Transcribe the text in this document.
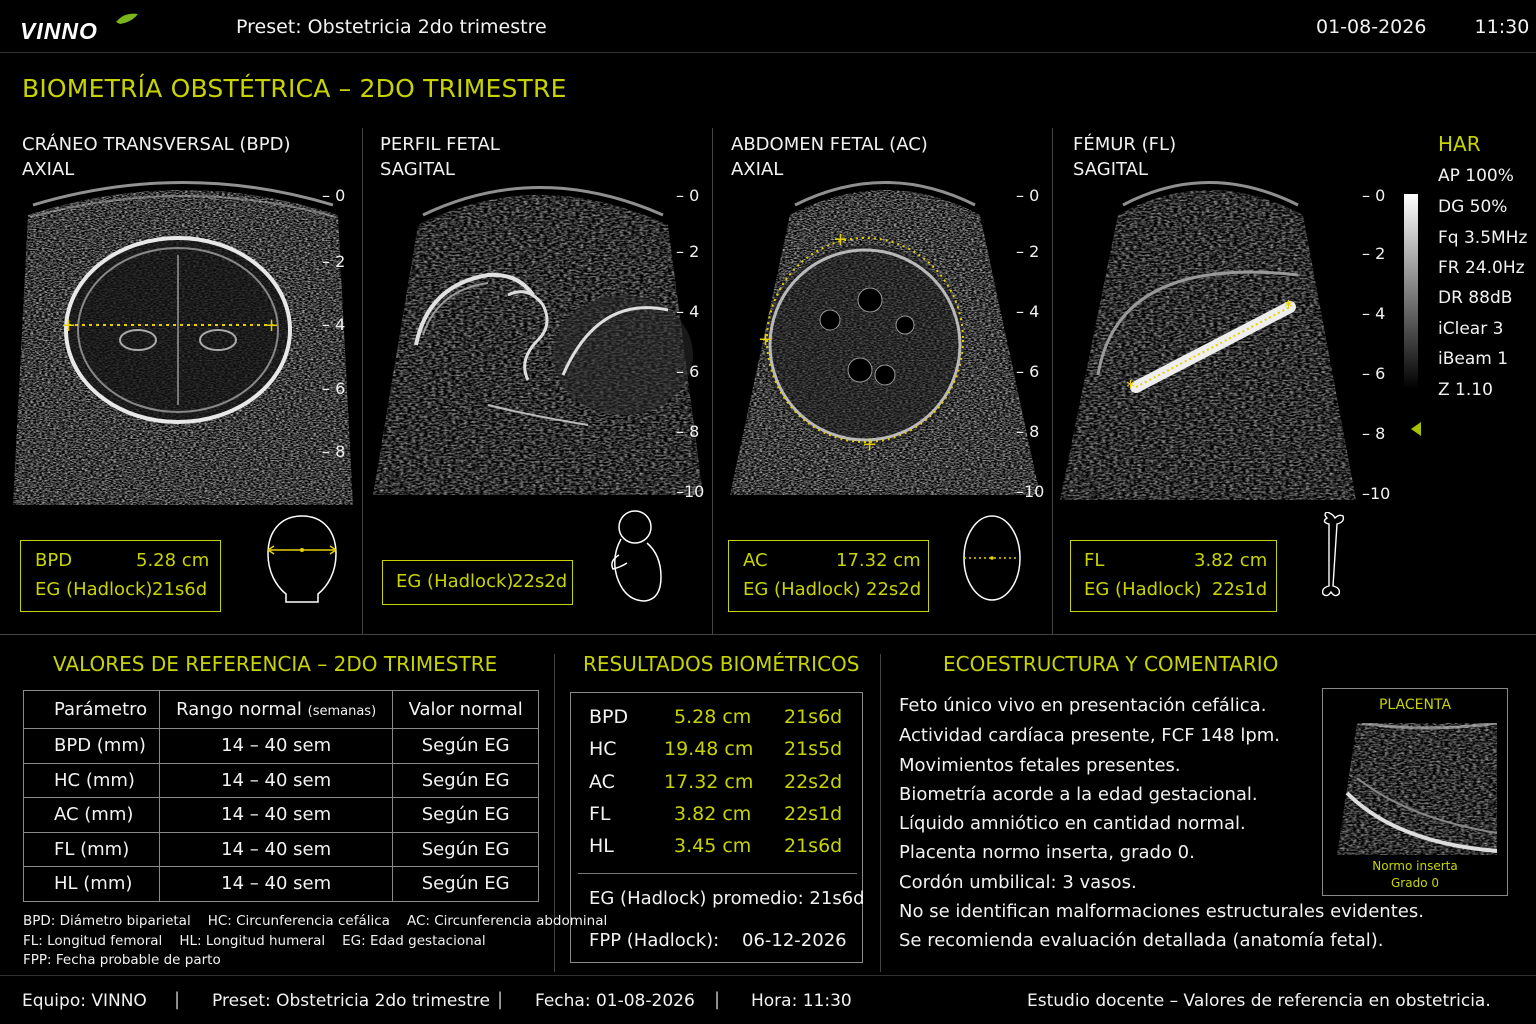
VINNO	Preset: Obstetricia 2do trimestre	01-08-2026	11:30
BIOMETRÍA OBSTÉTRICA – 2DO TRIMESTRE
CRÁNEO TRANSVERSAL (BPD)
AXIAL
+	+
– 0
– 2
– 4
– 6
– 8
BPD	5.28 cm
EG (Hadlock) 21s6d
PERFIL FETAL
SAGITAL
– 0
– 2
– 4
– 6
– 8
–10
EG (Hadlock)
22s2d
ABDOMEN FETAL (AC)
AXIAL
+
+
+
– 0
– 2
– 4
– 6
– 8
–10
AC	17.32 cm
EG (Hadlock) 22s2d
FÉMUR (FL)
SAGITAL
*
*
– 0
– 2
– 4
– 6
– 8
–10
FL	3.82 cm
EG (Hadlock) 22s1d
HAR
AP 100%
DG 50%
Fq 3.5MHz
FR 24.0Hz
DR 88dB
iClear 3
iBeam 1
Z 1.10
VALORES DE REFERENCIA – 2DO TRIMESTRE
Parámetro	Rango normal (semanas)	Valor normal
BPD (mm)	14 – 40 sem	Según EG
HC (mm)	14 – 40 sem	Según EG
AC (mm)	14 – 40 sem	Según EG
FL (mm)	14 – 40 sem	Según EG
HL (mm)	14 – 40 sem	Según EG
BPD: Diámetro biparietal HC: Circunferencia cefálica AC: Circunferencia abdominal
FL: Longitud femoral HL: Longitud humeral EG: Edad gestacional
FPP: Fecha probable de parto
RESULTADOS BIOMÉTRICOS
BPD 5.28 cm 21s6d
HC 19.48 cm 21s5d
AC	17.32 cm 22s2d
FL	3.82 cm 22s1d
HL	3.45 cm 21s6d
EG (Hadlock) promedio: 21s6d
FPP (Hadlock): 06-12-2026
ECOESTRUCTURA Y COMENTARIO
Feto único vivo en presentación cefálica.
Actividad cardíaca presente, FCF 148 lpm.
Movimientos fetales presentes.
Biometría acorde a la edad gestacional.
Líquido amniótico en cantidad normal.
Placenta normo inserta, grado 0.
Cordón umbilical: 3 vasos.
No se identifican malformaciones estructurales evidentes.
Se recomienda evaluación detallada (anatomía fetal).
PLACENTA
Normo inserta
Grado 0
Equipo: VINNO | Preset: Obstetricia 2do trimestre | Fecha: 01-08-2026 | Hora: 11:30	Estudio docente – Valores de referencia en obstetricia.
